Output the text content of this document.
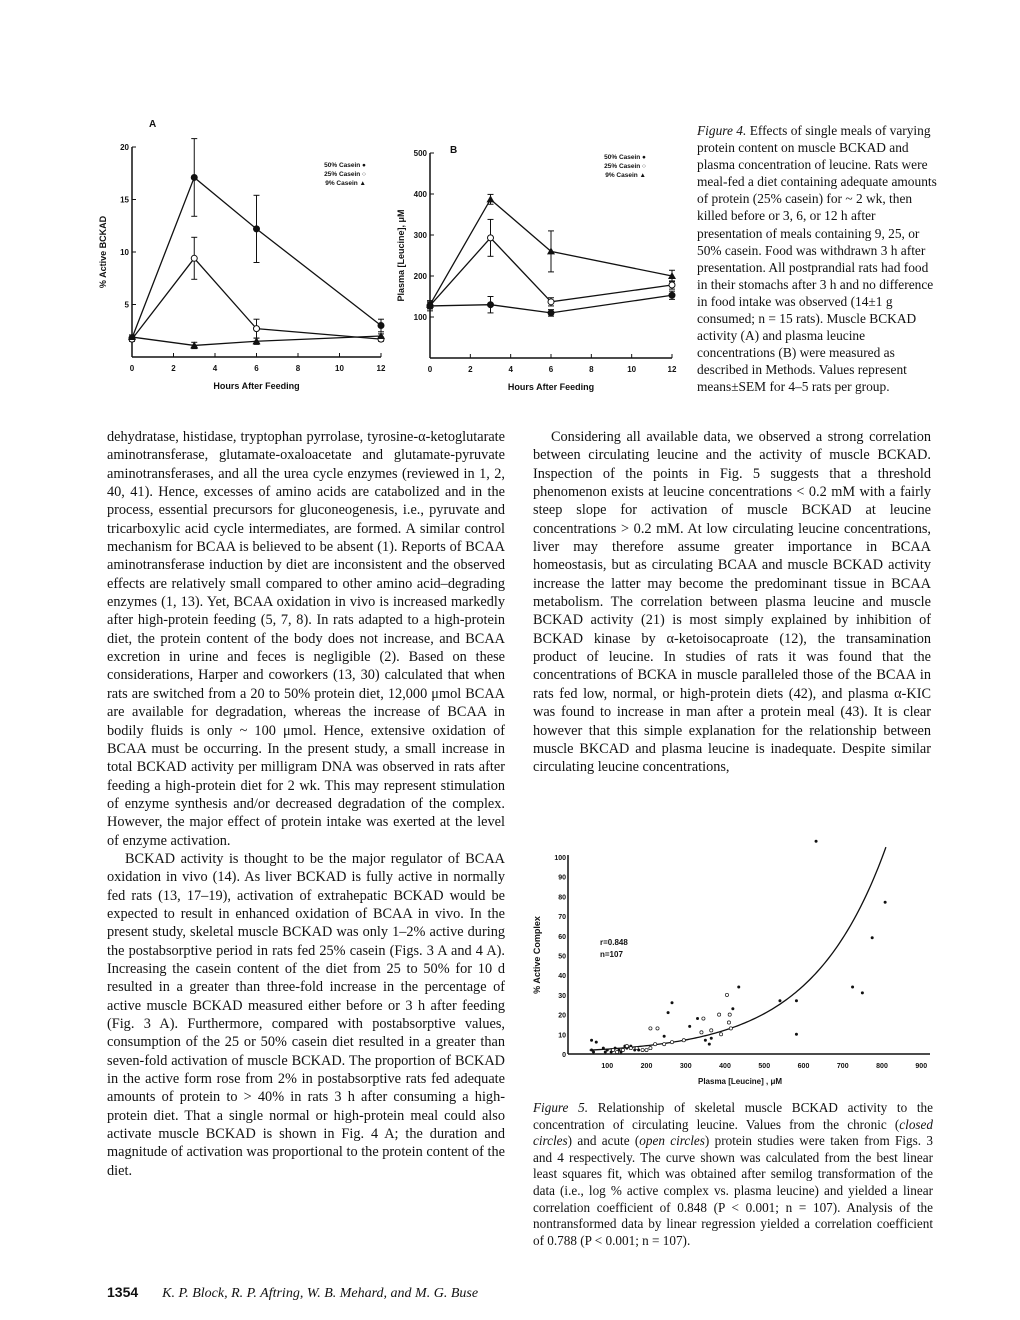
0	2	4	6	8	10	12
5
10
15
20
Hours After Feeding
% Active BCKAD
A
50% Casein ●
25% Casein ○
9% Casein ▲
0	2	4	6	8	10	12
100
200
300
400
500
Hours After Feeding
Plasma [Leucine], μM
B
50% Casein ●
25% Casein ○
9% Casein ▲
100	200	300	400	500	600	700	800	900
0
10
20
30
40
50
60
70
80
90
100
Plasma [Leucine] , μM
% Active Complex	r=0.848
n=107
Figure 4. Effects of single meals of varying protein content on muscle BCKAD and plasma concentration of leucine. Rats were meal-fed a diet containing adequate amounts of protein (25% casein) for ~ 2 wk, then killed before or 3, 6, or 12 h after presentation of meals containing 9, 25, or 50% casein. Food was withdrawn 3 h after presentation. All postprandial rats had food in their stomachs after 3 h and no difference in food intake was observed (14±1 g consumed; n = 15 rats). Muscle BCKAD activity (A) and plasma leucine concentrations (B) were measured as described in Methods. Values represent means±SEM for 4–5 rats per group.

dehydratase, histidase, tryptophan pyrrolase, tyrosine-α-ketoglutarate aminotransferase, glutamate-oxaloacetate and glutamate-pyruvate aminotransferases, and all the urea cycle enzymes (reviewed in 1, 2, 40, 41). Hence, excesses of amino acids are catabolized and in the process, essential precursors for gluconeogenesis, i.e., pyruvate and tricarboxylic acid cycle intermediates, are formed. A similar control mechanism for BCAA is believed to be absent (1). Reports of BCAA aminotransferase induction by diet are inconsistent and the observed effects are relatively small compared to other amino acid–degrading enzymes (1, 13). Yet, BCAA oxidation in vivo is increased markedly after high-protein feeding (5, 7, 8). In rats adapted to a high-protein diet, the protein content of the body does not increase, and BCAA excretion in urine and feces is negligible (2). Based on these considerations, Harper and coworkers (13, 30) calculated that when rats are switched from a 20 to 50% protein diet, 12,000 μmol BCAA are available for degradation, whereas the increase of BCAA in bodily fluids is only ~ 100 μmol. Hence, extensive oxidation of BCAA must be occurring. In the present study, a small increase in total BCKAD activity per milligram DNA was observed in rats after feeding a high-protein diet for 2 wk. This may represent stimulation of enzyme synthesis and/or decreased degradation of the complex. However, the major effect of protein intake was exerted at the level of enzyme activation.

BCKAD activity is thought to be the major regulator of BCAA oxidation in vivo (14). As liver BCKAD is fully active in normally fed rats (13, 17–19), activation of extrahepatic BCKAD would be expected to result in enhanced oxidation of BCAA in vivo. In the present study, skeletal muscle BCKAD was only 1–2% active during the postabsorptive period in rats fed 25% casein (Figs. 3 A and 4 A). Increasing the casein content of the diet from 25 to 50% for 10 d resulted in a greater than three-fold increase in the percentage of active muscle BCKAD measured either before or 3 h after feeding (Fig. 3 A). Furthermore, compared with postabsorptive values, consumption of the 25 or 50% casein diet resulted in a greater than seven-fold activation of muscle BCKAD. The proportion of BCKAD in the active form rose from 2% in postabsorptive rats fed adequate amounts of protein to > 40% in rats 3 h after consuming a high-protein diet. That a single normal or high-protein meal could also activate muscle BCKAD is shown in Fig. 4 A; the duration and magnitude of activation was proportional to the protein content of the diet.

Considering all available data, we observed a strong correlation between circulating leucine and the activity of muscle BCKAD. Inspection of the points in Fig. 5 suggests that a threshold phenomenon exists at leucine concentrations < 0.2 mM with a fairly steep slope for activation of muscle BCKAD at leucine concentrations > 0.2 mM. At low circulating leucine concentrations, liver may therefore assume greater importance in BCAA homeostasis, but as circulating BCAA and muscle BCKAD activity increase the latter may become the predominant tissue in BCAA metabolism. The correlation between plasma leucine and muscle BCKAD activity (21) is most simply explained by inhibition of BCKAD kinase by α-ketoisocaproate (12), the transamination product of leucine. In studies of rats it was found that the concentrations of BCKA in muscle paralleled those of the BCAA in rats fed low, normal, or high-protein diets (42), and plasma α-KIC was found to increase in man after a protein meal (43). It is clear however that this simple explanation for the relationship between muscle BKCAD and plasma leucine is inadequate. Despite similar circulating leucine concentrations,

Figure 5. Relationship of skeletal muscle BCKAD activity to the concentration of circulating leucine. Values from the chronic (closed circles) and acute (open circles) protein studies were taken from Figs. 3 and 4 respectively. The curve shown was calculated from the best linear least squares fit, which was obtained after semilog transformation of the data (i.e., log % active complex vs. plasma leucine) and yielded a linear correlation coefficient of 0.848 (P < 0.001; n = 107). Analysis of the nontransformed data by linear regression yielded a correlation coefficient of 0.788 (P < 0.001; n = 107).
1354 K. P. Block, R. P. Aftring, W. B. Mehard, and M. G. Buse
